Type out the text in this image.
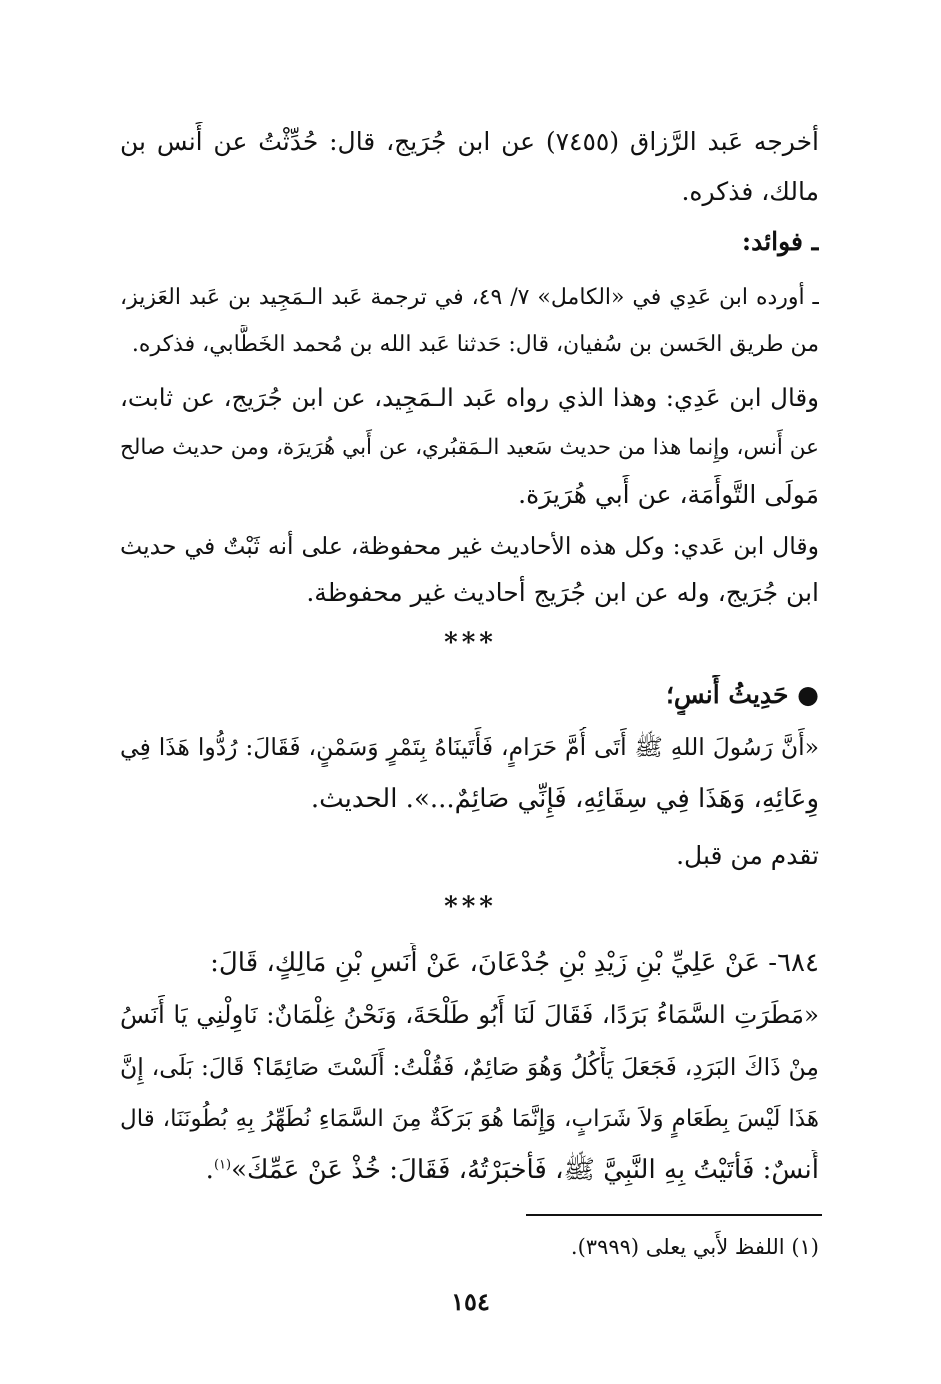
أخرجه عَبد الرَّزاق (٧٤٥٥) عن ابن جُرَيج، قال: حُدِّثْتُ عن أَنس بن
مالك، فذكره.
ـ فوائد:
ـ أورده ابن عَدِي في «الكامل» ٧/ ٤٩، في ترجمة عَبد الـمَجِيد بن عَبد العَزيز،
من طريق الحَسن بن سُفيان، قال: حَدثنا عَبد الله بن مُحمد الخَطَّابي، فذكره.
وقال ابن عَدِي: وهذا الذي رواه عَبد الـمَجِيد، عن ابن جُرَيج، عن ثابت،
عن أَنس، وإِنما هذا من حديث سَعيد الـمَقبُري، عن أَبي هُرَيرَة، ومن حديث صالح
مَولَى التَّوأَمَة، عن أَبي هُرَيرَة.
وقال ابن عَدي: وكل هذه الأحاديث غير محفوظة، على أنه ثَبْتٌ في حديث
ابن جُرَيج، وله عن ابن جُرَيج أحاديث غير محفوظة.
***
● حَدِيثُ أَنسٍ؛
«أَنَّ رَسُولَ اللهِ ﷺ أَتَى أُمَّ حَرَامٍ، فَأَتَينَاهُ بِتَمْرٍ وَسَمْنٍ، فَقَالَ: رُدُّوا هَذَا فِي
وِعَائِهِ، وَهَذَا فِي سِقَائِهِ، فَإِنِّي صَائِمٌ...». الحديث.
تقدم من قبل.
***
٦٨٤- عَنْ عَلِيِّ بْنِ زَيْدِ بْنِ جُدْعَانَ، عَنْ أَنَسِ بْنِ مَالِكٍ، قَالَ:
«مَطَرَتِ السَّمَاءُ بَرَدًا، فَقَالَ لَنَا أَبُو طَلْحَةَ، وَنَحْنُ غِلْمَانٌ: نَاوِلْنِي يَا أَنَسُ
مِنْ ذَاكَ البَرَدِ، فَجَعَلَ يَأْكُلُ وَهُوَ صَائِمٌ، فَقُلْتُ: أَلَسْتَ صَائِمًا؟ قَالَ: بَلَى، إِنَّ
هَذَا لَيْسَ بِطَعَامٍ وَلاَ شَرَابٍ، وَإِنَّمَا هُوَ بَرَكَةٌ مِنَ السَّمَاءِ نُطَهِّرُ بِهِ بُطُونَنَا، قال
أَنسٌ: فَأَتَيْتُ بِهِ النَّبِيَّ ﷺ، فَأَخبَرْتُهُ، فَقَالَ: خُذْ عَنْ عَمِّكَ»$^{(١)}$.
(١) اللفظ لأَبي يعلى (٣٩٩٩).
١٥٤
